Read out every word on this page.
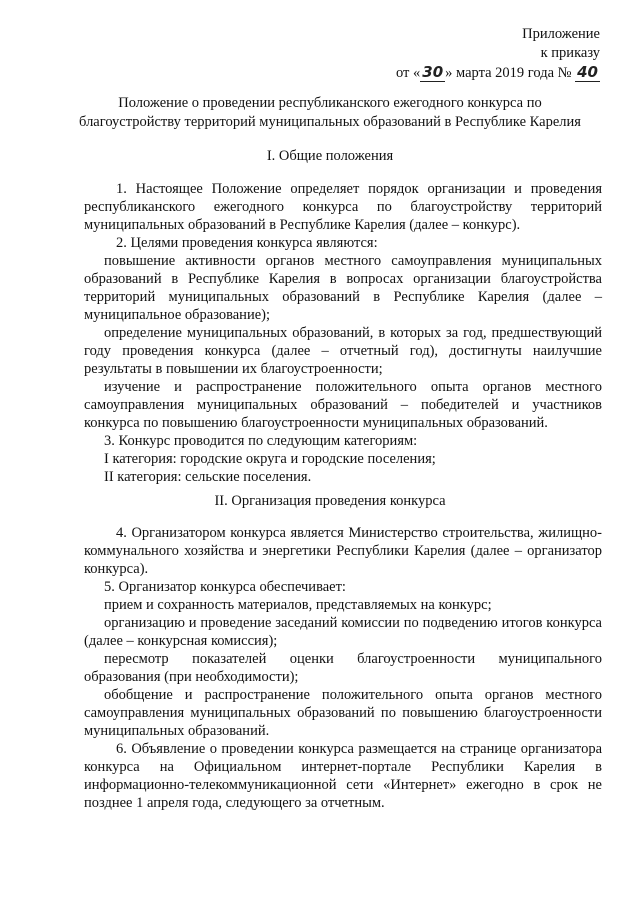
Приложение
к приказу
от « 30 » марта 2019 года № 40
Положение о проведении республиканского ежегодного конкурса по
благоустройству территорий муниципальных образований в Республике Карелия
I. Общие положения

1. Настоящее Положение определяет порядок организации и проведения республиканского ежегодного конкурса по благоустройству территорий муниципальных образований в Республике Карелия (далее – конкурс).

2. Целями проведения конкурса являются:

повышение активности органов местного самоуправления муниципальных образований в Республике Карелия в вопросах организации благоустройства территорий муниципальных образований в Республике Карелия (далее – муниципальное образование);

определение муниципальных образований, в которых за год, предшествующий году проведения конкурса (далее – отчетный год), достигнуты наилучшие результаты в повышении их благоустроенности;

изучение и распространение положительного опыта органов местного самоуправления муниципальных образований – победителей и участников конкурса по повышению благоустроенности муниципальных образований.

3. Конкурс проводится по следующим категориям:

I категория: городские округа и городские поселения;

II категория: сельские поселения.

II. Организация проведения конкурса

4. Организатором конкурса является Министерство строительства, жилищно-коммунального хозяйства и энергетики Республики Карелия (далее – организатор конкурса).

5. Организатор конкурса обеспечивает:

прием и сохранность материалов, представляемых на конкурс;

организацию и проведение заседаний комиссии по подведению итогов конкурса (далее – конкурсная комиссия);

пересмотр показателей оценки благоустроенности муниципального образования (при необходимости);

обобщение и распространение положительного опыта органов местного самоуправления муниципальных образований по повышению благоустроенности муниципальных образований.

6. Объявление о проведении конкурса размещается на странице организатора конкурса на Официальном интернет-портале Республики Карелия в информационно-телекоммуникационной сети «Интернет» ежегодно в срок не позднее 1 апреля года, следующего за отчетным.
